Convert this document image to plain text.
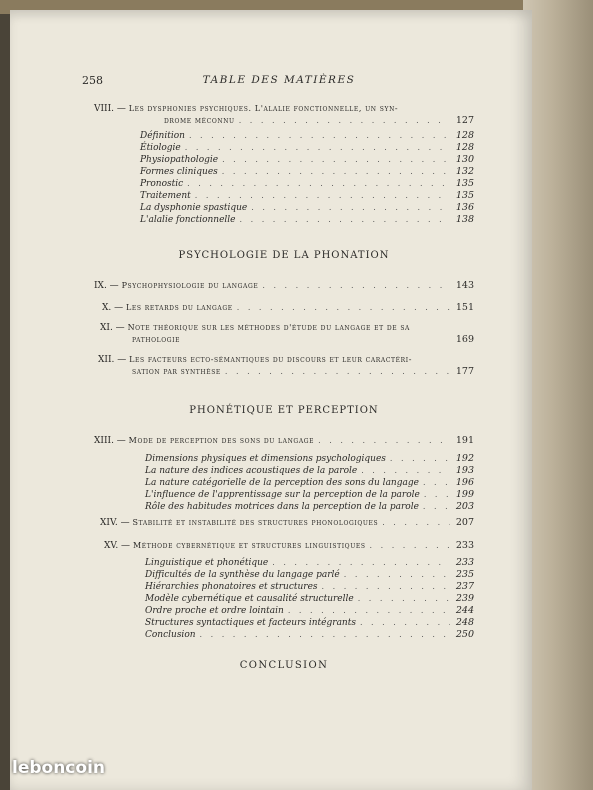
258	TABLE DES MATIÈRES
VIII. — Les dysphonies psychiques. L'alalie fonctionnelle, un syn-
drome méconnu . . .	127
Définition . . .	128
Étiologie . . .	128
Physiopathologie . . .	130
Formes cliniques . . .	132
Pronostic . . .	135
Traitement . . .	135
La dysphonie spastique . . .	136
L'alalie fonctionnelle . . .	138
PSYCHOLOGIE DE LA PHONATION
IX. — Psychophysiologie du langage . . .	143
X. — Les retards du langage . . .	151
XI. — Note théorique sur les méthodes d'étude du langage et de sa
pathologie	169
XII. — Les facteurs ecto-sémantiques du discours et leur caractéri-
sation par synthèse . . .	177
PHONÉTIQUE ET PERCEPTION
XIII. — Mode de perception des sons du langage . . .	191
Dimensions physiques et dimensions psychologiques . . .	192
La nature des indices acoustiques de la parole . . .	193
La nature catégorielle de la perception des sons du langage . . .	196
L'influence de l'apprentissage sur la perception de la parole . . .	199
Rôle des habitudes motrices dans la perception de la parole . . .	203
XIV. — Stabilité et instabilité des structures phonologiques . . .	207
XV. — Méthode cybernétique et structures linguistiques . . .	233
Linguistique et phonétique . . .	233
Difficultés de la synthèse du langage parlé . . .	235
Hiérarchies phonatoires et structures . . .	237
Modèle cybernétique et causalité structurelle . . .	239
Ordre proche et ordre lointain . . .	244
Structures syntactiques et facteurs intégrants . . .	248
Conclusion . . .	250
CONCLUSION
leboncoin
